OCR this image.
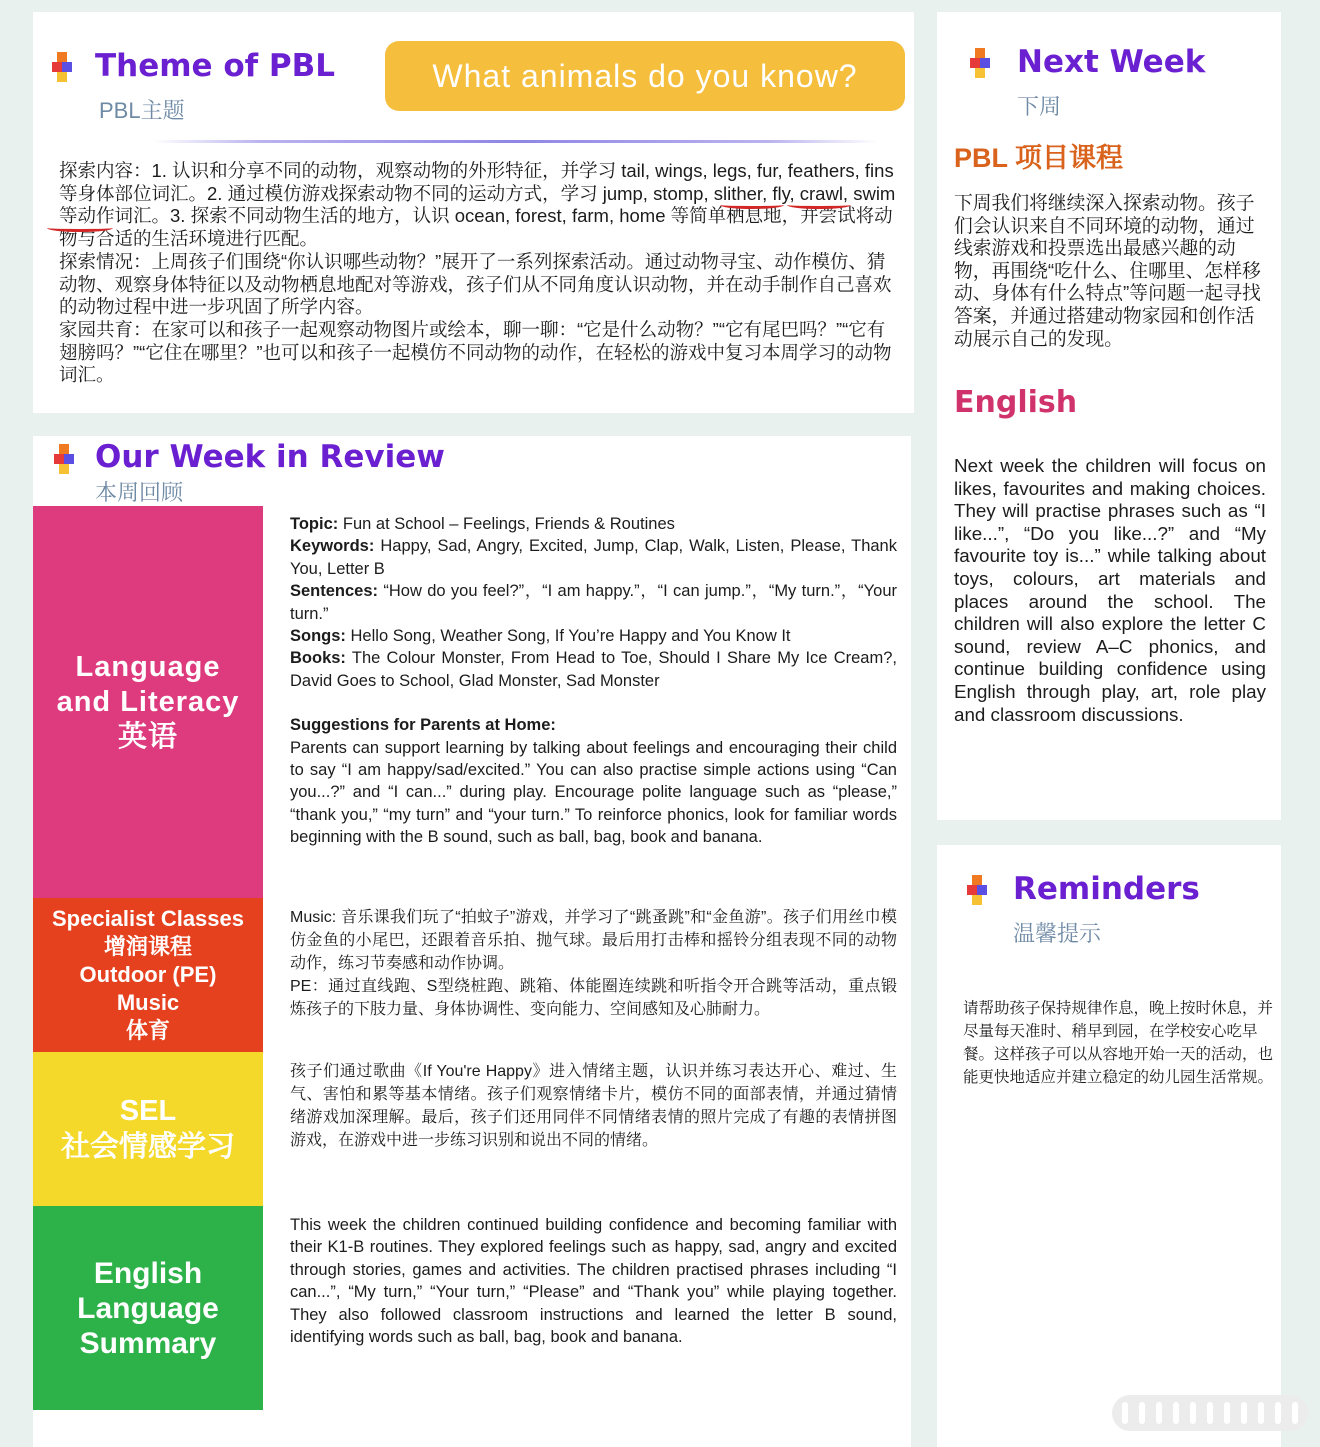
Theme of PBL
PBL主题
What animals do you know?

探索内容：1. 认识和分享不同的动物，观察动物的外形特征，并学习 tail, wings, legs, fur, feathers, fins 等身体部位词汇。2. 通过模仿游戏探索动物不同的运动方式，学习 jump, stomp, slither, fly, crawl, swim 等动作词汇。3. 探索不同动物生活的地方，认识 ocean, forest, farm, home 等简单栖息地，并尝试将动物与合适的生活环境进行匹配。

探索情况：上周孩子们围绕“你认识哪些动物？”展开了一系列探索活动。通过动物寻宝、动作模仿、猜动物、观察身体特征以及动物栖息地配对等游戏，孩子们从不同角度认识动物，并在动手制作自己喜欢的动物过程中进一步巩固了所学内容。

家园共育：在家可以和孩子一起观察动物图片或绘本，聊一聊：“它是什么动物？”“它有尾巴吗？”“它有翅膀吗？”“它住在哪里？”也可以和孩子一起模仿不同动物的动作，在轻松的游戏中复习本周学习的动物词汇。

Our Week in Review
本周回顾
Language
and Literacy
英语
Specialist Classes
增润课程
Outdoor (PE)
Music
体育
SEL
社会情感学习
English
Language
Summary
Topic: Fun at School – Feelings, Friends & Routines
Keywords: Happy, Sad, Angry, Excited, Jump, Clap, Walk, Listen, Please, Thank You, Letter B
Sentences: “How do you feel?”，“I am happy.”，“I can jump.”，“My turn.”，“Your turn.”
Songs: Hello Song, Weather Song, If You’re Happy and You Know It
Books: The Colour Monster, From Head to Toe, Should I Share My Ice Cream?, David Goes to School, Glad Monster, Sad Monster
Suggestions for Parents at Home:
Parents can support learning by talking about feelings and encouraging their child to say “I am happy/sad/excited.” You can also practise simple actions using “Can you...?” and “I can...” during play. Encourage polite language such as “please,” “thank you,” “my turn” and “your turn.” To reinforce phonics, look for familiar words beginning with the B sound, such as ball, bag, book and banana.
Music: 音乐课我们玩了“拍蚊子”游戏，并学习了“跳蚤跳”和“金鱼游”。孩子们用丝巾模仿金鱼的小尾巴，还跟着音乐拍、抛气球。最后用打击棒和摇铃分组表现不同的动物动作，练习节奏感和动作协调。
PE：通过直线跑、S型绕桩跑、跳箱、体能圈连续跳和听指令开合跳等活动，重点锻炼孩子的下肢力量、身体协调性、变向能力、空间感知及心肺耐力。
孩子们通过歌曲《If You're Happy》进入情绪主题，认识并练习表达开心、难过、生气、害怕和累等基本情绪。孩子们观察情绪卡片，模仿不同的面部表情，并通过猜情绪游戏加深理解。最后，孩子们还用同伴不同情绪表情的照片完成了有趣的表情拼图游戏，在游戏中进一步练习识别和说出不同的情绪。
This week the children continued building confidence and becoming familiar with their K1-B routines. They explored feelings such as happy, sad, angry and excited through stories, games and activities. The children practised phrases including “I can...”, “My turn,” “Your turn,” “Please” and “Thank you” while playing together. They also followed classroom instructions and learned the letter B sound, identifying words such as ball, bag, book and banana.
Next Week
下周
PBL 项目课程
下周我们将继续深入探索动物。孩子们会认识来自不同环境的动物，通过线索游戏和投票选出最感兴趣的动物，再围绕“吃什么、住哪里、怎样移动、身体有什么特点”等问题一起寻找答案，并通过搭建动物家园和创作活动展示自己的发现。
English
Next week the children will focus on likes, favourites and making choices. They will practise phrases such as “I like...”, “Do you like...?” and “My favourite toy is...” while talking about toys, colours, art materials and places around the school. The children will also explore the letter C sound, review A–C phonics, and continue building confidence using English through play, art, role play and classroom discussions.
Reminders
温馨提示
请帮助孩子保持规律作息，晚上按时休息，并尽量每天准时、稍早到园，在学校安心吃早餐。这样孩子可以从容地开始一天的活动，也能更快地适应并建立稳定的幼儿园生活常规。
